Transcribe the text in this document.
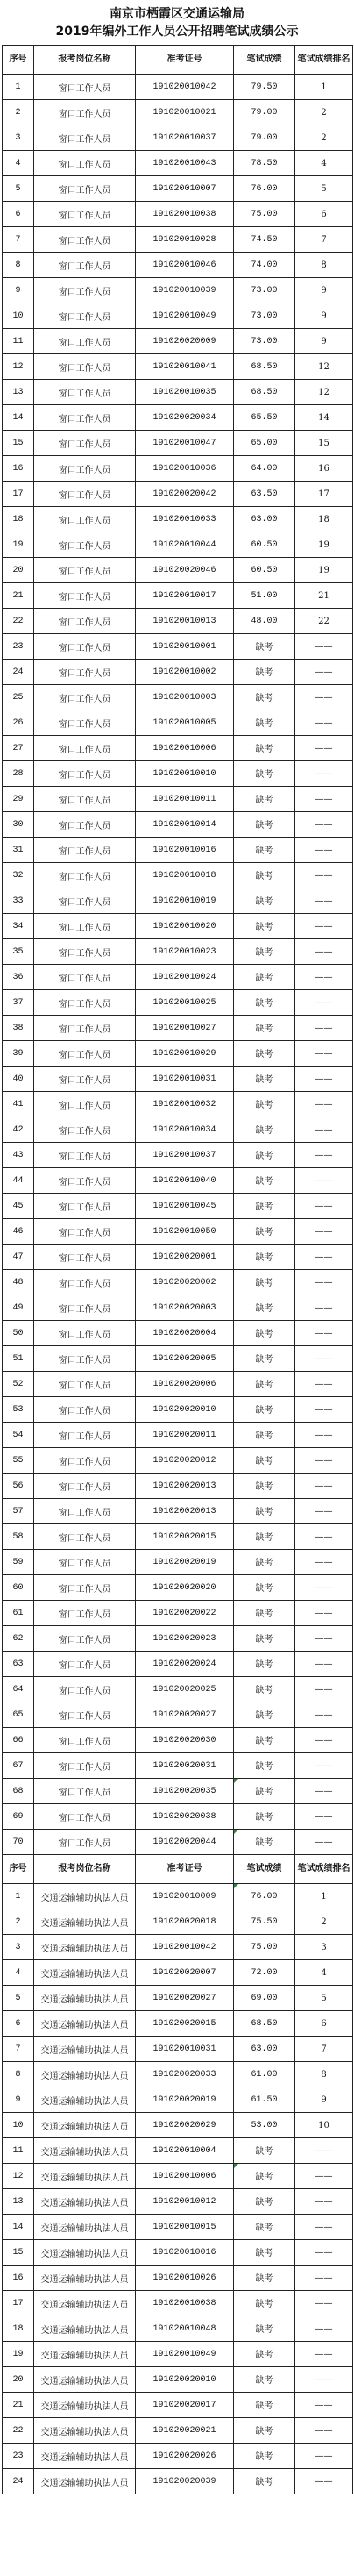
南京市栖霞区交通运输局
2019年编外工作人员公开招聘笔试成绩公示
序号	报考岗位名称	准考证号	笔试成绩	笔试成绩排名
1	窗口工作人员	191020010042	79.50	1
2	窗口工作人员	191020010021	79.00	2
3	窗口工作人员	191020010037	79.00	2
4	窗口工作人员	191020010043	78.50	4
5	窗口工作人员	191020010007	76.00	5
6	窗口工作人员	191020010038	75.00	6
7	窗口工作人员	191020010028	74.50	7
8	窗口工作人员	191020010046	74.00	8
9	窗口工作人员	191020010039	73.00	9
10	窗口工作人员	191020010049	73.00	9
11	窗口工作人员	191020020009	73.00	9
12	窗口工作人员	191020010041	68.50	12
13	窗口工作人员	191020010035	68.50	12
14	窗口工作人员	191020020034	65.50	14
15	窗口工作人员	191020010047	65.00	15
16	窗口工作人员	191020010036	64.00	16
17	窗口工作人员	191020020042	63.50	17
18	窗口工作人员	191020010033	63.00	18
19	窗口工作人员	191020010044	60.50	19
20	窗口工作人员	191020020046	60.50	19
21	窗口工作人员	191020010017	51.00	21
22	窗口工作人员	191020010013	48.00	22
23	窗口工作人员	191020010001	缺考	——
24	窗口工作人员	191020010002	缺考	——
25	窗口工作人员	191020010003	缺考	——
26	窗口工作人员	191020010005	缺考	——
27	窗口工作人员	191020010006	缺考	——
28	窗口工作人员	191020010010	缺考	——
29	窗口工作人员	191020010011	缺考	——
30	窗口工作人员	191020010014	缺考	——
31	窗口工作人员	191020010016	缺考	——
32	窗口工作人员	191020010018	缺考	——
33	窗口工作人员	191020010019	缺考	——
34	窗口工作人员	191020010020	缺考	——
35	窗口工作人员	191020010023	缺考	——
36	窗口工作人员	191020010024	缺考	——
37	窗口工作人员	191020010025	缺考	——
38	窗口工作人员	191020010027	缺考	——
39	窗口工作人员	191020010029	缺考	——
40	窗口工作人员	191020010031	缺考	——
41	窗口工作人员	191020010032	缺考	——
42	窗口工作人员	191020010034	缺考	——
43	窗口工作人员	191020010037	缺考	——
44	窗口工作人员	191020010040	缺考	——
45	窗口工作人员	191020010045	缺考	——
46	窗口工作人员	191020010050	缺考	——
47	窗口工作人员	191020020001	缺考	——
48	窗口工作人员	191020020002	缺考	——
49	窗口工作人员	191020020003	缺考	——
50	窗口工作人员	191020020004	缺考	——
51	窗口工作人员	191020020005	缺考	——
52	窗口工作人员	191020020006	缺考	——
53	窗口工作人员	191020020010	缺考	——
54	窗口工作人员	191020020011	缺考	——
55	窗口工作人员	191020020012	缺考	——
56	窗口工作人员	191020020013	缺考	——
57	窗口工作人员	191020020013	缺考	——
58	窗口工作人员	191020020015	缺考	——
59	窗口工作人员	191020020019	缺考	——
60	窗口工作人员	191020020020	缺考	——
61	窗口工作人员	191020020022	缺考	——
62	窗口工作人员	191020020023	缺考	——
63	窗口工作人员	191020020024	缺考	——
64	窗口工作人员	191020020025	缺考	——
65	窗口工作人员	191020020027	缺考	——
66	窗口工作人员	191020020030	缺考	——
67	窗口工作人员	191020020031	缺考	——
68	窗口工作人员	191020020035	缺考	——
69	窗口工作人员	191020020038	缺考	——
70	窗口工作人员	191020020044	缺考	——
序号	报考岗位名称	准考证号	笔试成绩	笔试成绩排名
1	交通运输辅助执法人员	191020010009	76.00	1
2	交通运输辅助执法人员	191020020018	75.50	2
3	交通运输辅助执法人员	191020010042	75.00	3
4	交通运输辅助执法人员	191020020007	72.00	4
5	交通运输辅助执法人员	191020020027	69.00	5
6	交通运输辅助执法人员	191020020015	68.50	6
7	交通运输辅助执法人员	191020010031	63.00	7
8	交通运输辅助执法人员	191020020033	61.00	8
9	交通运输辅助执法人员	191020020019	61.50	9
10	交通运输辅助执法人员	191020020029	53.00	10
11	交通运输辅助执法人员	191020010004	缺考	——
12	交通运输辅助执法人员	191020010006	缺考	——
13	交通运输辅助执法人员	191020010012	缺考	——
14	交通运输辅助执法人员	191020010015	缺考	——
15	交通运输辅助执法人员	191020010016	缺考	——
16	交通运输辅助执法人员	191020010026	缺考	——
17	交通运输辅助执法人员	191020010038	缺考	——
18	交通运输辅助执法人员	191020010048	缺考	——
19	交通运输辅助执法人员	191020010049	缺考	——
20	交通运输辅助执法人员	191020020010	缺考	——
21	交通运输辅助执法人员	191020020017	缺考	——
22	交通运输辅助执法人员	191020020021	缺考	——
23	交通运输辅助执法人员	191020020026	缺考	——
24	交通运输辅助执法人员	191020020039	缺考	——
